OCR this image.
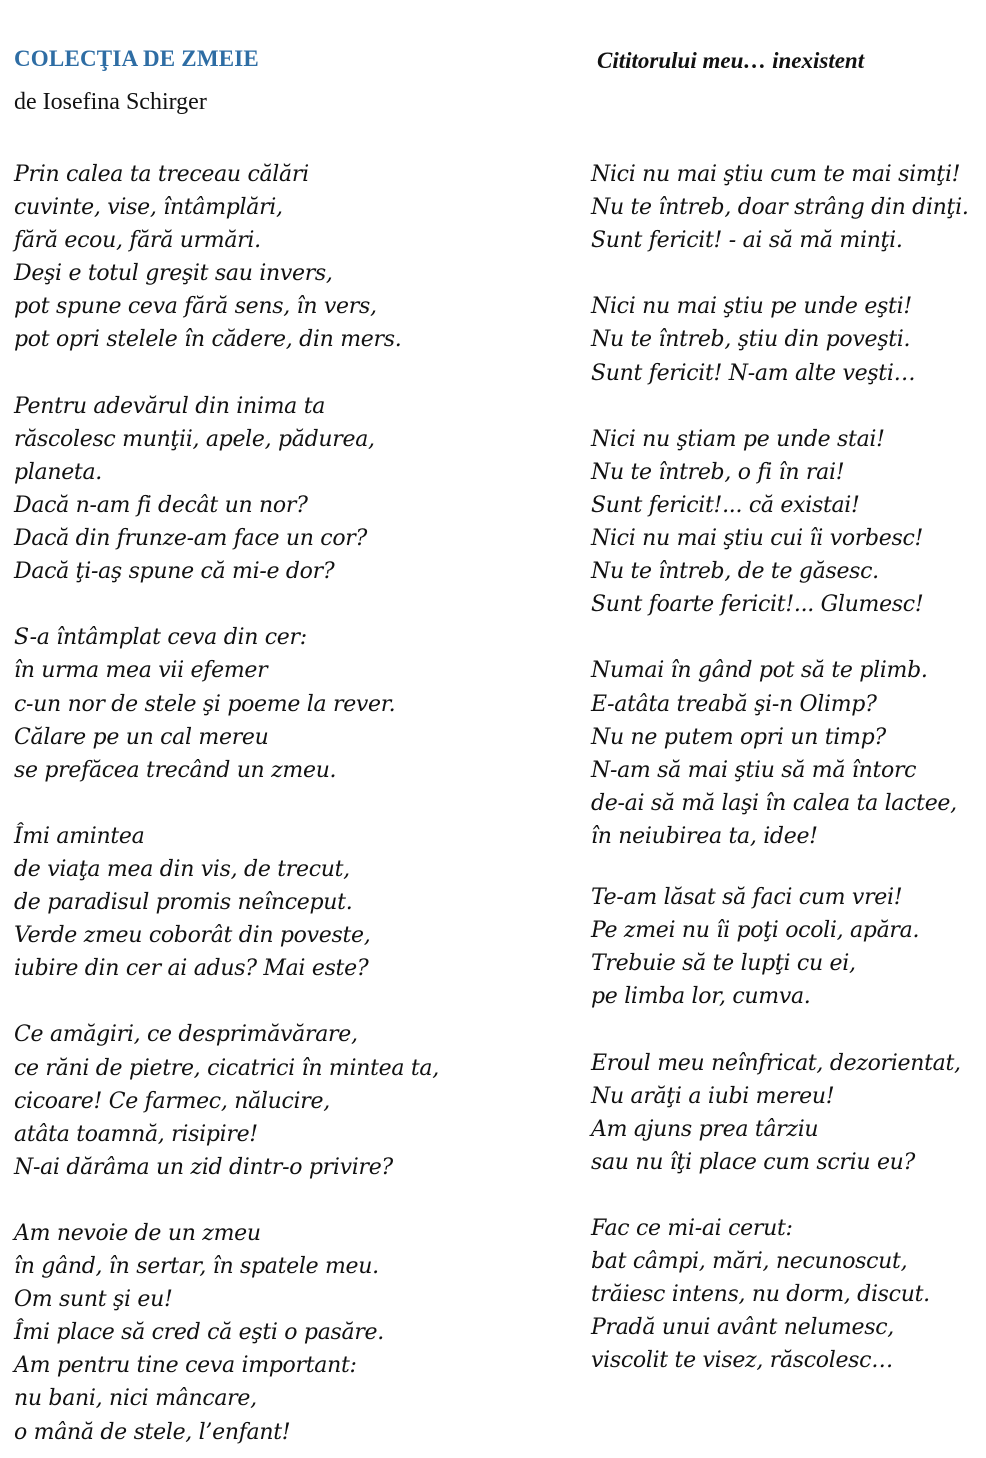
COLECŢIA DE ZMEIE
de Iosefina Schirger
Cititorului meu… inexistent
Prin calea ta treceau călări
cuvinte, vise, întâmplări,
fără ecou, fără urmări.
Deşi e totul greşit sau invers,
pot spune ceva fără sens, în vers,
pot opri stelele în cădere, din mers.
Pentru adevărul din inima ta
răscolesc munţii, apele, pădurea,
planeta.
Dacă n-am fi decât un nor?
Dacă din frunze-am face un cor?
Dacă ţi-aş spune că mi-e dor?
S-a întâmplat ceva din cer:
în urma mea vii efemer
c-un nor de stele şi poeme la rever.
Călare pe un cal mereu
se prefăcea trecând un zmeu.
Îmi amintea
de viaţa mea din vis, de trecut,
de paradisul promis neînceput.
Verde zmeu coborât din poveste,
iubire din cer ai adus? Mai este?
Ce amăgiri, ce desprimăvărare,
ce răni de pietre, cicatrici în mintea ta,
cicoare! Ce farmec, nălucire,
atâta toamnă, risipire!
N-ai dărâma un zid dintr-o privire?
Am nevoie de un zmeu
în gând, în sertar, în spatele meu.
Om sunt şi eu!
Îmi place să cred că eşti o pasăre.
Am pentru tine ceva important:
nu bani, nici mâncare,
o mână de stele, l’enfant!
Nici nu mai ştiu cum te mai simţi!
Nu te întreb, doar strâng din dinţi.
Sunt fericit! - ai să mă minţi.
Nici nu mai ştiu pe unde eşti!
Nu te întreb, ştiu din poveşti.
Sunt fericit! N-am alte veşti…
Nici nu ştiam pe unde stai!
Nu te întreb, o fi în rai!
Sunt fericit!... că existai!
Nici nu mai ştiu cui îi vorbesc!
Nu te întreb, de te găsesc.
Sunt foarte fericit!... Glumesc!
Numai în gând pot să te plimb.
E-atâta treabă şi-n Olimp?
Nu ne putem opri un timp?
N-am să mai ştiu să mă întorc
de-ai să mă laşi în calea ta lactee,
în neiubirea ta, idee!
Te-am lăsat să faci cum vrei!
Pe zmei nu îi poţi ocoli, apăra.
Trebuie să te lupţi cu ei,
pe limba lor, cumva.
Eroul meu neînfricat, dezorientat,
Nu arăţi a iubi mereu!
Am ajuns prea târziu
sau nu îţi place cum scriu eu?
Fac ce mi-ai cerut:
bat câmpi, mări, necunoscut,
trăiesc intens, nu dorm, discut.
Pradă unui avânt nelumesc,
viscolit te visez, răscolesc…
